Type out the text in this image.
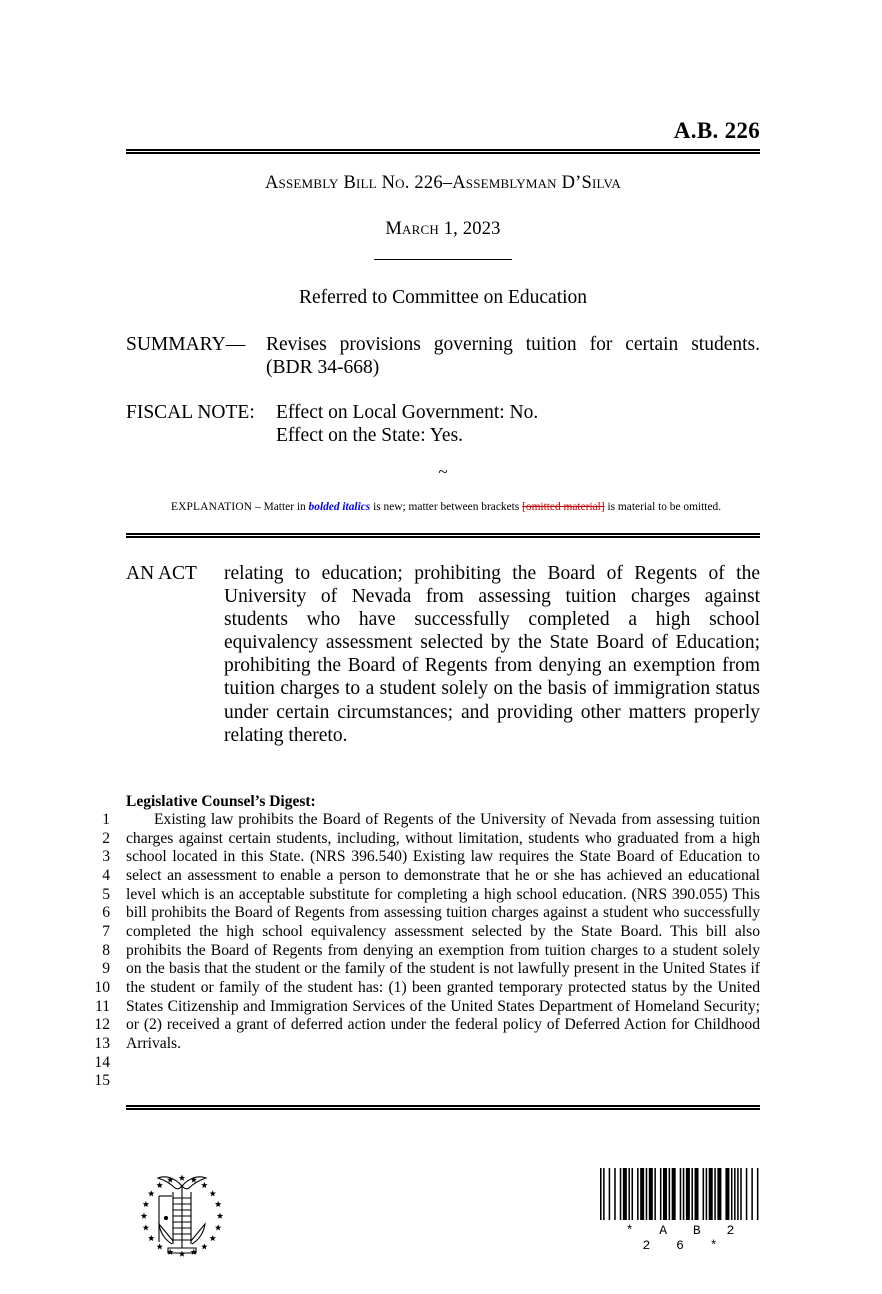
A.B. 226
Assembly Bill No. 226–Assemblyman D’Silva
March 1, 2023
Referred to Committee on Education

SUMMARY— Revises provisions governing tuition for certain students. (BDR 34-668)

FISCAL NOTE:	Effect on Local Government: No.
Effect on the State: Yes.
~
EXPLANATION – Matter in bolded italics is new; matter between brackets [omitted material] is material to be omitted.
AN ACT	relating to education; prohibiting the Board of Regents of the University of Nevada from assessing tuition charges against students who have successfully completed a high school equivalency assessment selected by the State Board of Education; prohibiting the Board of Regents from denying an exemption from tuition charges to a student solely on the basis of immigration status under certain circumstances; and providing other matters properly relating thereto.
Legislative Counsel’s Digest:
1
2
3
4
5
6
7
8
9
10
11
12
13
14
15
Existing law prohibits the Board of Regents of the University of Nevada from assessing tuition charges against certain students, including, without limitation, students who graduated from a high school located in this State. (NRS 396.540) Existing law requires the State Board of Education to select an assessment to enable a person to demonstrate that he or she has achieved an educational level which is an acceptable substitute for completing a high school education. (NRS 390.055) This bill prohibits the Board of Regents from assessing tuition charges against a student who successfully completed the high school equivalency assessment selected by the State Board. This bill also prohibits the Board of Regents from denying an exemption from tuition charges to a student solely on the basis that the student or the family of the student is not lawfully present in the United States if the student or family of the student has: (1) been granted temporary protected status by the United States Citizenship and Immigration Services of the United States Department of Homeland Security; or (2) received a grant of deferred action under the federal policy of Deferred Action for Childhood Arrivals.
* A B 2 2 6 *
